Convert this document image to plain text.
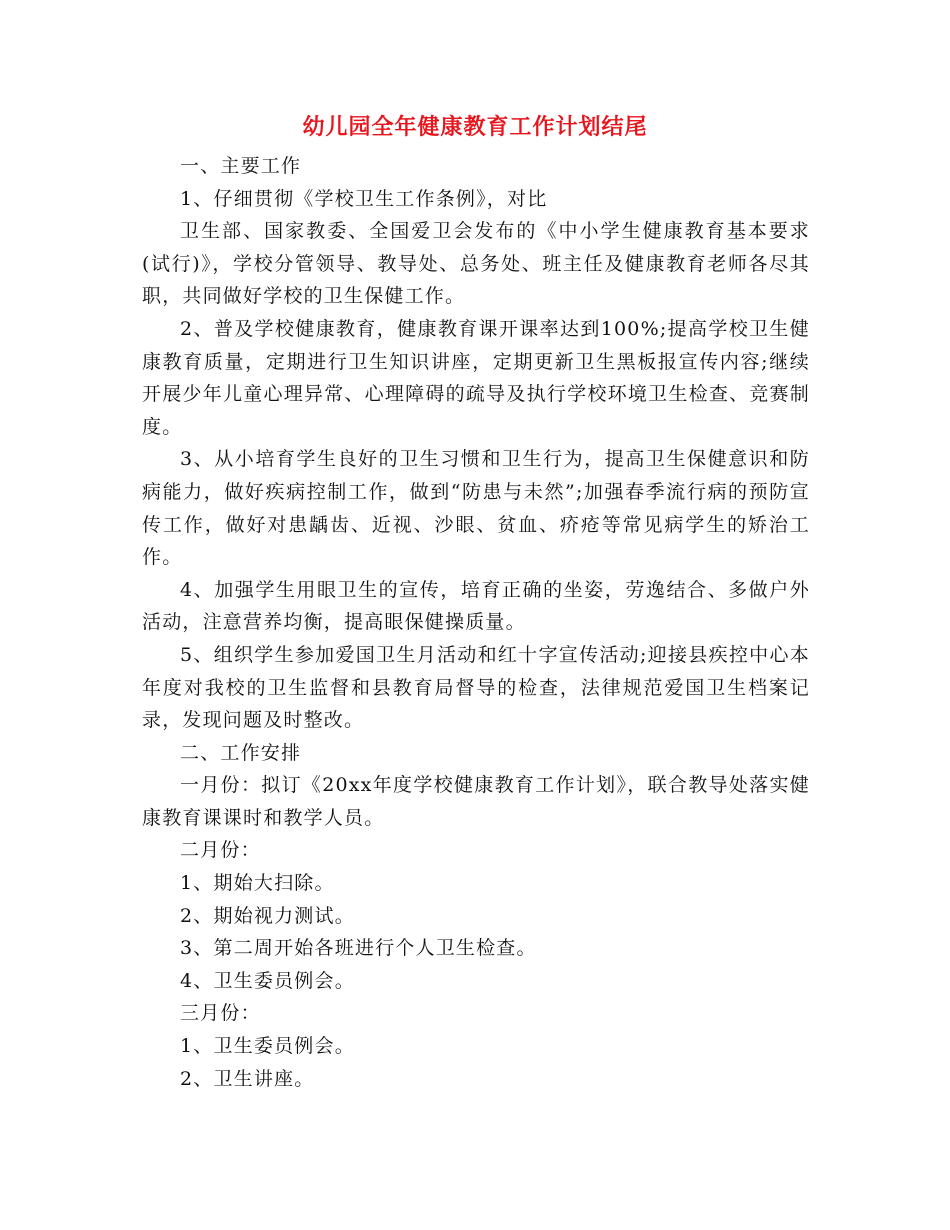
幼儿园全年健康教育工作计划结尾

一、主要工作

1、仔细贯彻《学校卫生工作条例》，对比

卫生部、国家教委、全国爱卫会发布的《中小学生健康教育基本要求(试行)》，学校分管领导、教导处、总务处、班主任及健康教育老师各尽其职，共同做好学校的卫生保健工作。

2、普及学校健康教育，健康教育课开课率达到100%;提高学校卫生健康教育质量，定期进行卫生知识讲座，定期更新卫生黑板报宣传内容;继续开展少年儿童心理异常、心理障碍的疏导及执行学校环境卫生检查、竞赛制度。

3、从小培育学生良好的卫生习惯和卫生行为，提高卫生保健意识和防病能力，做好疾病控制工作，做到“防患与未然”;加强春季流行病的预防宣传工作，做好对患龋齿、近视、沙眼、贫血、疥疮等常见病学生的矫治工作。

4、加强学生用眼卫生的宣传，培育正确的坐姿，劳逸结合、多做户外活动，注意营养均衡，提高眼保健操质量。

5、组织学生参加爱国卫生月活动和红十字宣传活动;迎接县疾控中心本年度对我校的卫生监督和县教育局督导的检查，法律规范爱国卫生档案记录，发现问题及时整改。

二、工作安排

一月份：拟订《20xx年度学校健康教育工作计划》，联合教导处落实健康教育课课时和教学人员。

二月份：

1、期始大扫除。

2、期始视力测试。

3、第二周开始各班进行个人卫生检查。

4、卫生委员例会。

三月份：

1、卫生委员例会。

2、卫生讲座。
